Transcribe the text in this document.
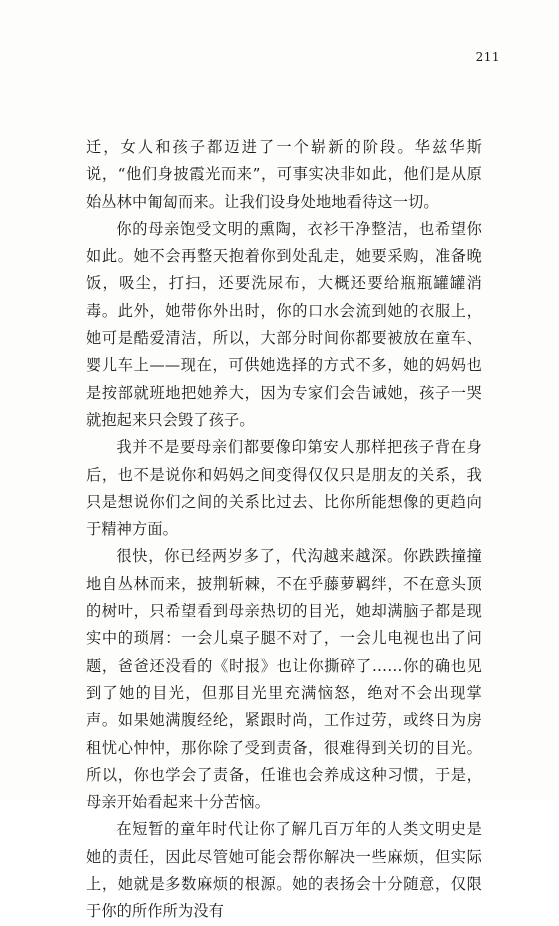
211

迁，女人和孩子都迈进了一个崭新的阶段。华兹华斯说，“他们身披霞光而来”，可事实决非如此，他们是从原始丛林中匍匐而来。让我们设身处地地看待这一切。

你的母亲饱受文明的熏陶，衣衫干净整洁，也希望你如此。她不会再整天抱着你到处乱走，她要采购，准备晚饭，吸尘，打扫，还要洗尿布，大概还要给瓶瓶罐罐消毒。此外，她带你外出时，你的口水会流到她的衣服上，她可是酷爱清洁，所以，大部分时间你都要被放在童车、婴儿车上——现在，可供她选择的方式不多，她的妈妈也是按部就班地把她养大，因为专家们会告诫她，孩子一哭就抱起来只会毁了孩子。

我并不是要母亲们都要像印第安人那样把孩子背在身后，也不是说你和妈妈之间变得仅仅只是朋友的关系，我只是想说你们之间的关系比过去、比你所能想像的更趋向于精神方面。

很快，你已经两岁多了，代沟越来越深。你跌跌撞撞地自丛林而来，披荆斩棘，不在乎藤萝羁绊，不在意头顶的树叶，只希望看到母亲热切的目光，她却满脑子都是现实中的琐屑：一会儿桌子腿不对了，一会儿电视也出了问题，爸爸还没看的《时报》也让你撕碎了……你的确也见到了她的目光，但那目光里充满恼怒，绝对不会出现掌声。如果她满腹经纶，紧跟时尚，工作过劳，或终日为房租忧心忡忡，那你除了受到责备，很难得到关切的目光。所以，你也学会了责备，任谁也会养成这种习惯，于是，母亲开始看起来十分苦恼。

在短暂的童年时代让你了解几百万年的人类文明史是她的责任，因此尽管她可能会帮你解决一些麻烦，但实际上，她就是多数麻烦的根源。她的表扬会十分随意，仅限于你的所作所为没有
